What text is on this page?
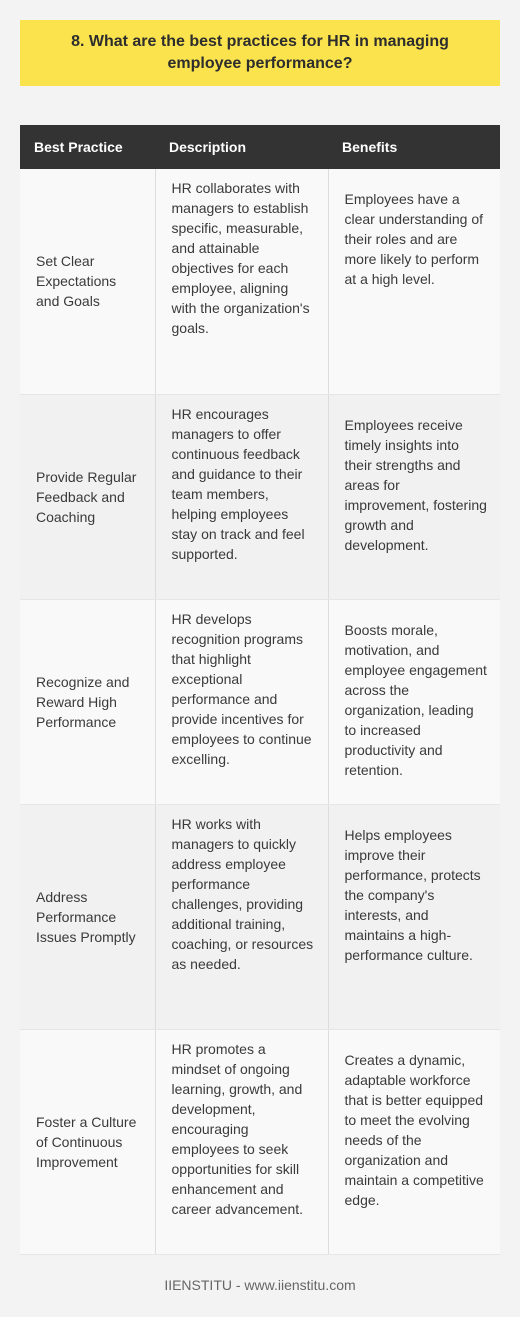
8. What are the best practices for HR in managing employee performance?
Best Practice	Description	Benefits
Set Clear Expectations and Goals	HR collaborates with managers to establish specific, measurable, and attainable objectives for each employee, aligning with the organization's goals.	Employees have a clear understanding of their roles and are more likely to perform at a high level.
Provide Regular Feedback and Coaching	HR encourages managers to offer continuous feedback and guidance to their team members, helping employees stay on track and feel supported.	Employees receive timely insights into their strengths and areas for improvement, fostering growth and development.
Recognize and Reward High Performance	HR develops recognition programs that highlight exceptional performance and provide incentives for employees to continue excelling.	Boosts morale, motivation, and employee engagement across the organization, leading to increased productivity and retention.
Address Performance Issues Promptly	HR works with managers to quickly address employee performance challenges, providing additional training, coaching, or resources as needed.	Helps employees improve their performance, protects the company's interests, and maintains a high-performance culture.
Foster a Culture of Continuous Improvement	HR promotes a mindset of ongoing learning, growth, and development, encouraging employees to seek opportunities for skill enhancement and career advancement.	Creates a dynamic, adaptable workforce that is better equipped to meet the evolving needs of the organization and maintain a competitive edge.
IIENSTITU - www.iienstitu.com
